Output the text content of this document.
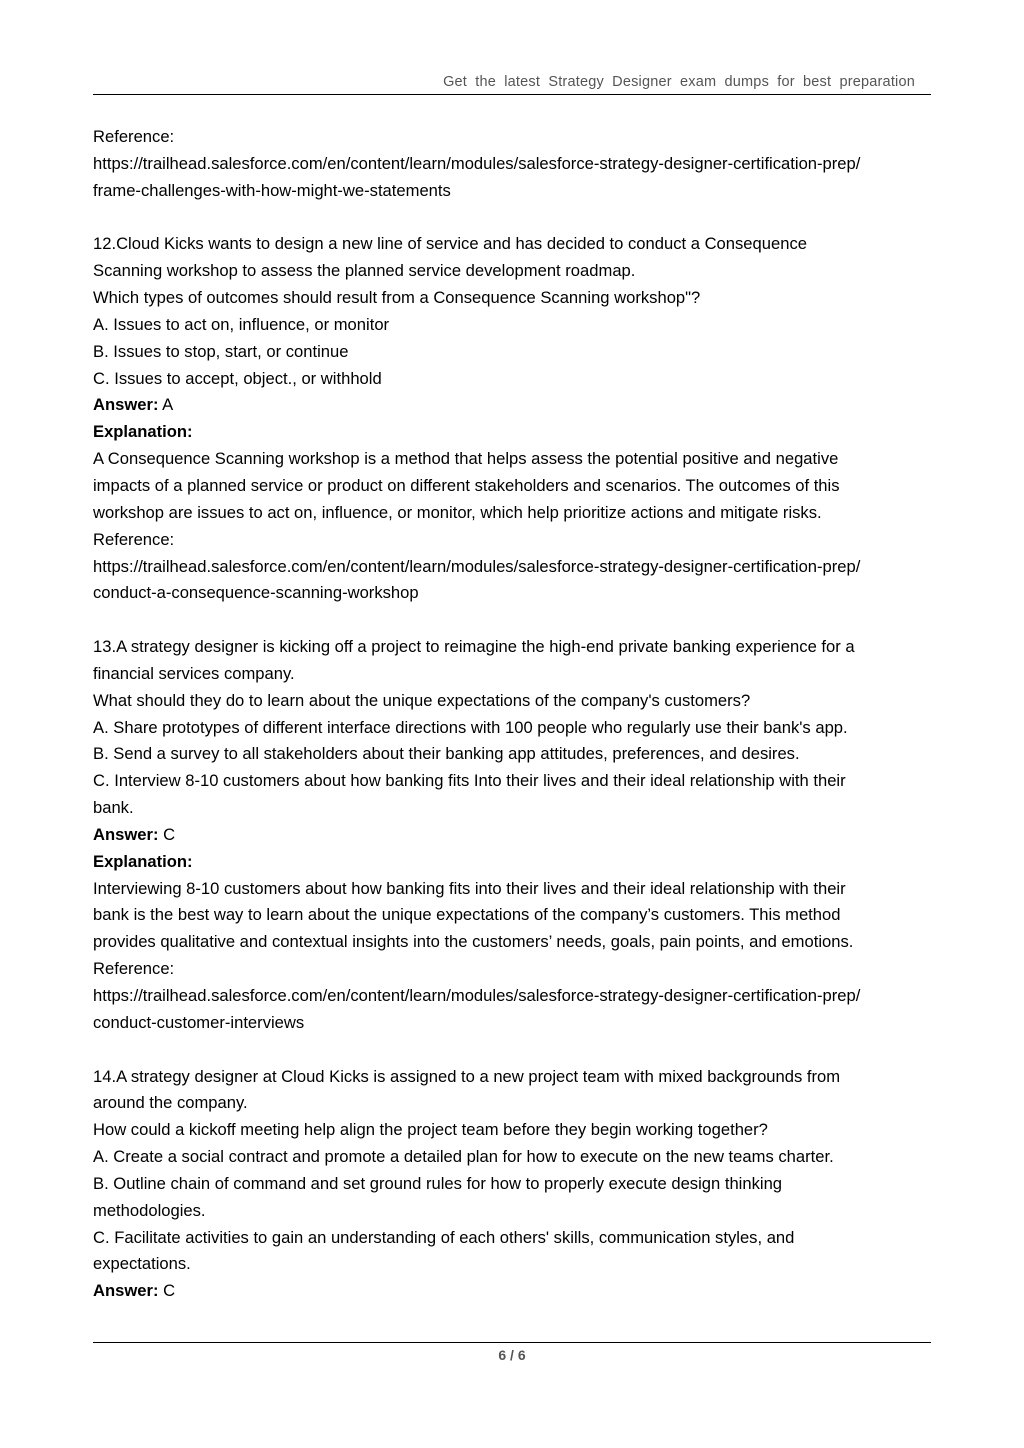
Get the latest Strategy Designer exam dumps for best preparation
Reference:
https://trailhead.salesforce.com/en/content/learn/modules/salesforce-strategy-designer-certification-prep/
frame-challenges-with-how-might-we-statements
12.Cloud Kicks wants to design a new line of service and has decided to conduct a Consequence
Scanning workshop to assess the planned service development roadmap.
Which types of outcomes should result from a Consequence Scanning workshop"?
A. Issues to act on, influence, or monitor
B. Issues to stop, start, or continue
C. Issues to accept, object., or withhold
Answer: A
Explanation:
A Consequence Scanning workshop is a method that helps assess the potential positive and negative
impacts of a planned service or product on different stakeholders and scenarios. The outcomes of this
workshop are issues to act on, influence, or monitor, which help prioritize actions and mitigate risks.
Reference:
https://trailhead.salesforce.com/en/content/learn/modules/salesforce-strategy-designer-certification-prep/
conduct-a-consequence-scanning-workshop
13.A strategy designer is kicking off a project to reimagine the high-end private banking experience for a
financial services company.
What should they do to learn about the unique expectations of the company's customers?
A. Share prototypes of different interface directions with 100 people who regularly use their bank's app.
B. Send a survey to all stakeholders about their banking app attitudes, preferences, and desires.
C. Interview 8-10 customers about how banking fits Into their lives and their ideal relationship with their
bank.
Answer: C
Explanation:
Interviewing 8-10 customers about how banking fits into their lives and their ideal relationship with their
bank is the best way to learn about the unique expectations of the company’s customers. This method
provides qualitative and contextual insights into the customers’ needs, goals, pain points, and emotions.
Reference:
https://trailhead.salesforce.com/en/content/learn/modules/salesforce-strategy-designer-certification-prep/
conduct-customer-interviews
14.A strategy designer at Cloud Kicks is assigned to a new project team with mixed backgrounds from
around the company.
How could a kickoff meeting help align the project team before they begin working together?
A. Create a social contract and promote a detailed plan for how to execute on the new teams charter.
B. Outline chain of command and set ground rules for how to properly execute design thinking
methodologies.
C. Facilitate activities to gain an understanding of each others' skills, communication styles, and
expectations.
Answer: C
6 / 6
